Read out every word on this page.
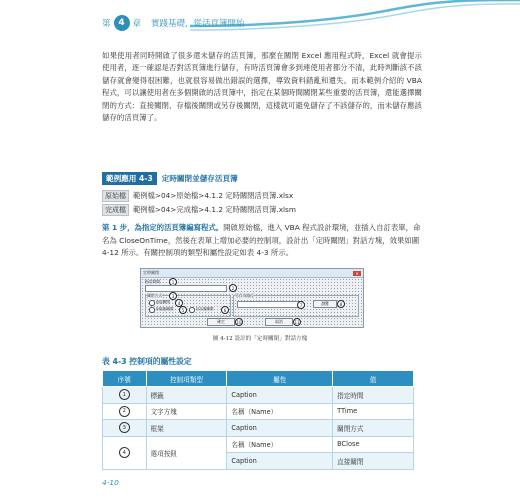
第 4 章 實踐基礎，從活頁簿開始
如果使用者同時開啟了很多還未儲存的活頁簿，那麼在關閉 Excel 應用程式時，Excel 就會提示使用者，逐一確認是否對活頁簿進行儲存，有時活頁簿會多到連使用者都分不清，此時判斷該不該儲存就會變得很困難，也就很容易做出錯誤的選擇，導致資料錯亂和遺失。而本範例介紹的 VBA 程式，可以讓使用者在多個開啟的活頁簿中，指定在某個時間關閉某些重要的活頁簿，還能選擇關閉的方式：直接關閉、存檔後關閉或另存後關閉，這樣就可避免儲存了不該儲存的，而未儲存應該儲存的活頁簿了。
範例應用 4-3	定時關閉並儲存活頁簿
原始檔 範例檔>04>原始檔>4.1.2 定時關閉活頁簿.xlsx
完成檔 範例檔>04>完成檔>4.1.2 定時關閉活頁簿.xlsm
第 1 步，為指定的活頁簿編寫程式。開啟原始檔，進入 VBA 程式設計環境，並插入自訂表單，命名為 CloseOnTime，然後在表單上增加必要的控制項，設計出「定時關閉」對話方塊，效果如圖 4-12 所示。有關控制項的類型和屬性設定如表 4-3 所示。
定時關閉	✕
指定時間	1
2
關閉方式	3
直接關閉	4
存檔後關閉	5	另存後關閉	6
另存為路徑
7	瀏覽	8
確定	10	取消	11
圖 4-12 設計的「定時關閉」對話方塊
表 4-3 控制項的屬性設定
序號	控制項類型	屬性	值
1	標籤	Caption	指定時間
2	文字方塊	名稱（Name）	TTime
3	框架	Caption	關閉方式
4	選項按鈕	名稱（Name）	BClose
		Caption	直接關閉
4-10
